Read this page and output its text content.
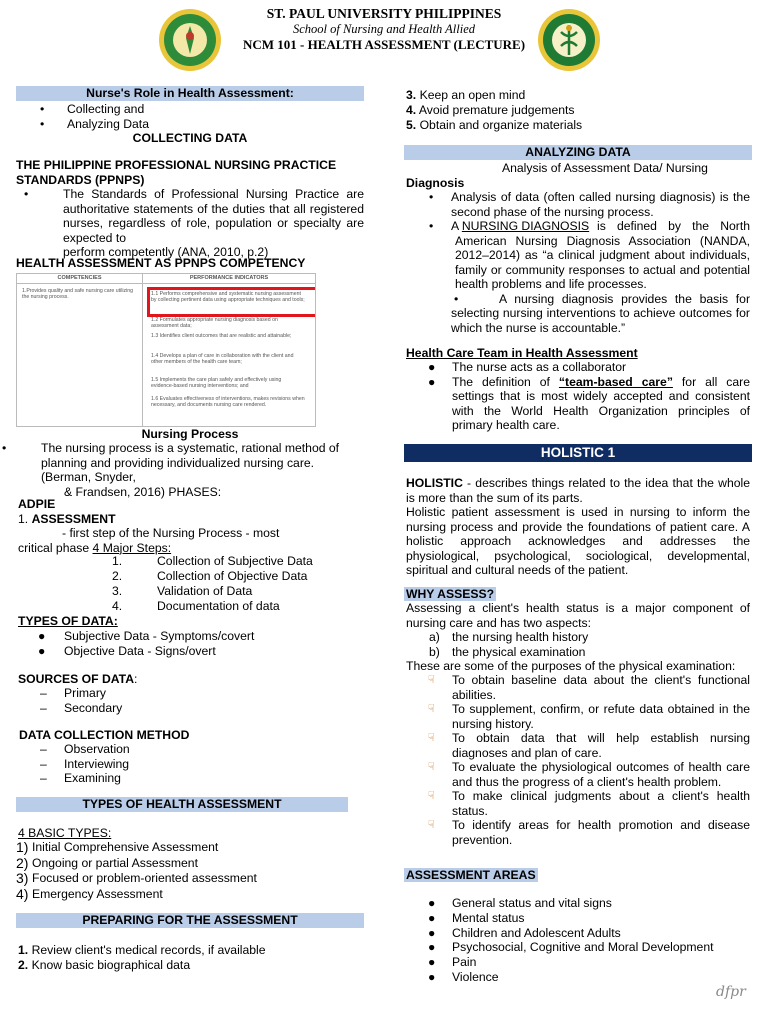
ST. PAUL UNIVERSITY PHILIPPINES
School of Nursing and Health Allied
NCM 101 - HEALTH ASSESSMENT (LECTURE)
Nurse's Role in Health Assessment:
• Collecting and
• Analyzing Data
COLLECTING DATA
THE PHILIPPINE PROFESSIONAL NURSING PRACTICE STANDARDS (PPNPS)
•	The Standards of Professional Nursing Practice are authoritative statements of the duties that all registered nurses, regardless of role, population or specialty are expected to

perform competently (ANA, 2010, p.2)

HEALTH ASSESSMENT AS PPNPS COMPETENCY
COMPETENCIES	PERFORMANCE INDICATORS
1.Provides quality and safe nursing care utilizing the nursing process.
1.1 Performs comprehensive and systematic nursing assessment by collecting pertinent data using appropriate techniques and tools;
1.2 Formulates appropriate nursing diagnosis based on assessment data;
1.3 Identifies client outcomes that are realistic and attainable;
1.4 Develops a plan of care in collaboration with the client and other members of the health care team;
1.5 Implements the care plan safely and effectively using evidence-based nursing interventions; and
1.6 Evaluates effectiveness of interventions, makes revisions when necessary, and documents nursing care rendered.
Nursing Process
•	The nursing process is a systematic, rational method of planning and providing individualized nursing care. (Berman, Snyder,

& Frandsen, 2016) PHASES:

ADPIE
1. ASSESSMENT

- first step of the Nursing Process - most

critical phase 4 Major Steps:

1.	Collection of Subjective Data
2.	Collection of Objective Data
3.	Validation of Data
4.	Documentation of data
TYPES OF DATA:
● Subjective Data - Symptoms/covert
● Objective Data - Signs/overt
SOURCES OF DATA:
– Primary
– Secondary
DATA COLLECTION METHOD
– Observation
– Interviewing
– Examining
TYPES OF HEALTH ASSESSMENT
4 BASIC TYPES:
1) Initial Comprehensive Assessment
2) Ongoing or partial Assessment
3) Focused or problem-oriented assessment
4) Emergency Assessment
PREPARING FOR THE ASSESSMENT
1. Review client's medical records, if available
2. Know basic biographical data
3. Keep an open mind
4. Avoid premature judgements
5. Obtain and organize materials
ANALYZING DATA
Analysis of Assessment Data/ Nursing
Diagnosis
• Analysis of data (often called nursing diagnosis) is the second phase of the nursing process.

• A NURSING DIAGNOSIS is defined by the North American Nursing Diagnosis Association (NANDA, 2012–2014) as “a clinical judgment about individuals, family or community responses to actual and potential health problems and life processes.

•	A nursing diagnosis provides the basis for selecting nursing interventions to achieve outcomes for which the nurse is accountable.”

Health Care Team in Health Assessment
● The nurse acts as a collaborator

● The definition of “team-based care” for all care settings that is most widely accepted and consistent with the World Health Organization principles of primary health care.

HOLISTIC 1

HOLISTIC - describes things related to the idea that the whole is more than the sum of its parts.

Holistic patient assessment is used in nursing to inform the nursing process and provide the foundations of patient care. A holistic approach acknowledges and addresses the physiological, psychological, sociological, developmental, spiritual and cultural needs of the patient.

WHY ASSESS?
Assessing a client's health status is a major component of nursing care and has two aspects:
a) the nursing health history
b) the physical examination
These are some of the purposes of the physical examination:
☟ To obtain baseline data about the client's functional abilities.

☟ To supplement, confirm, or refute data obtained in the nursing history.

☟ To obtain data that will help establish nursing diagnoses and plan of care.

☟ To evaluate the physiological outcomes of health care and thus the progress of a client's health problem.

☟ To make clinical judgments about a client's health status.

☟ To identify areas for health promotion and disease prevention.

ASSESSMENT AREAS
● General status and vital signs
● Mental status
● Children and Adolescent Adults
● Psychosocial, Cognitive and Moral Development
● Pain
● Violence
dfpr
